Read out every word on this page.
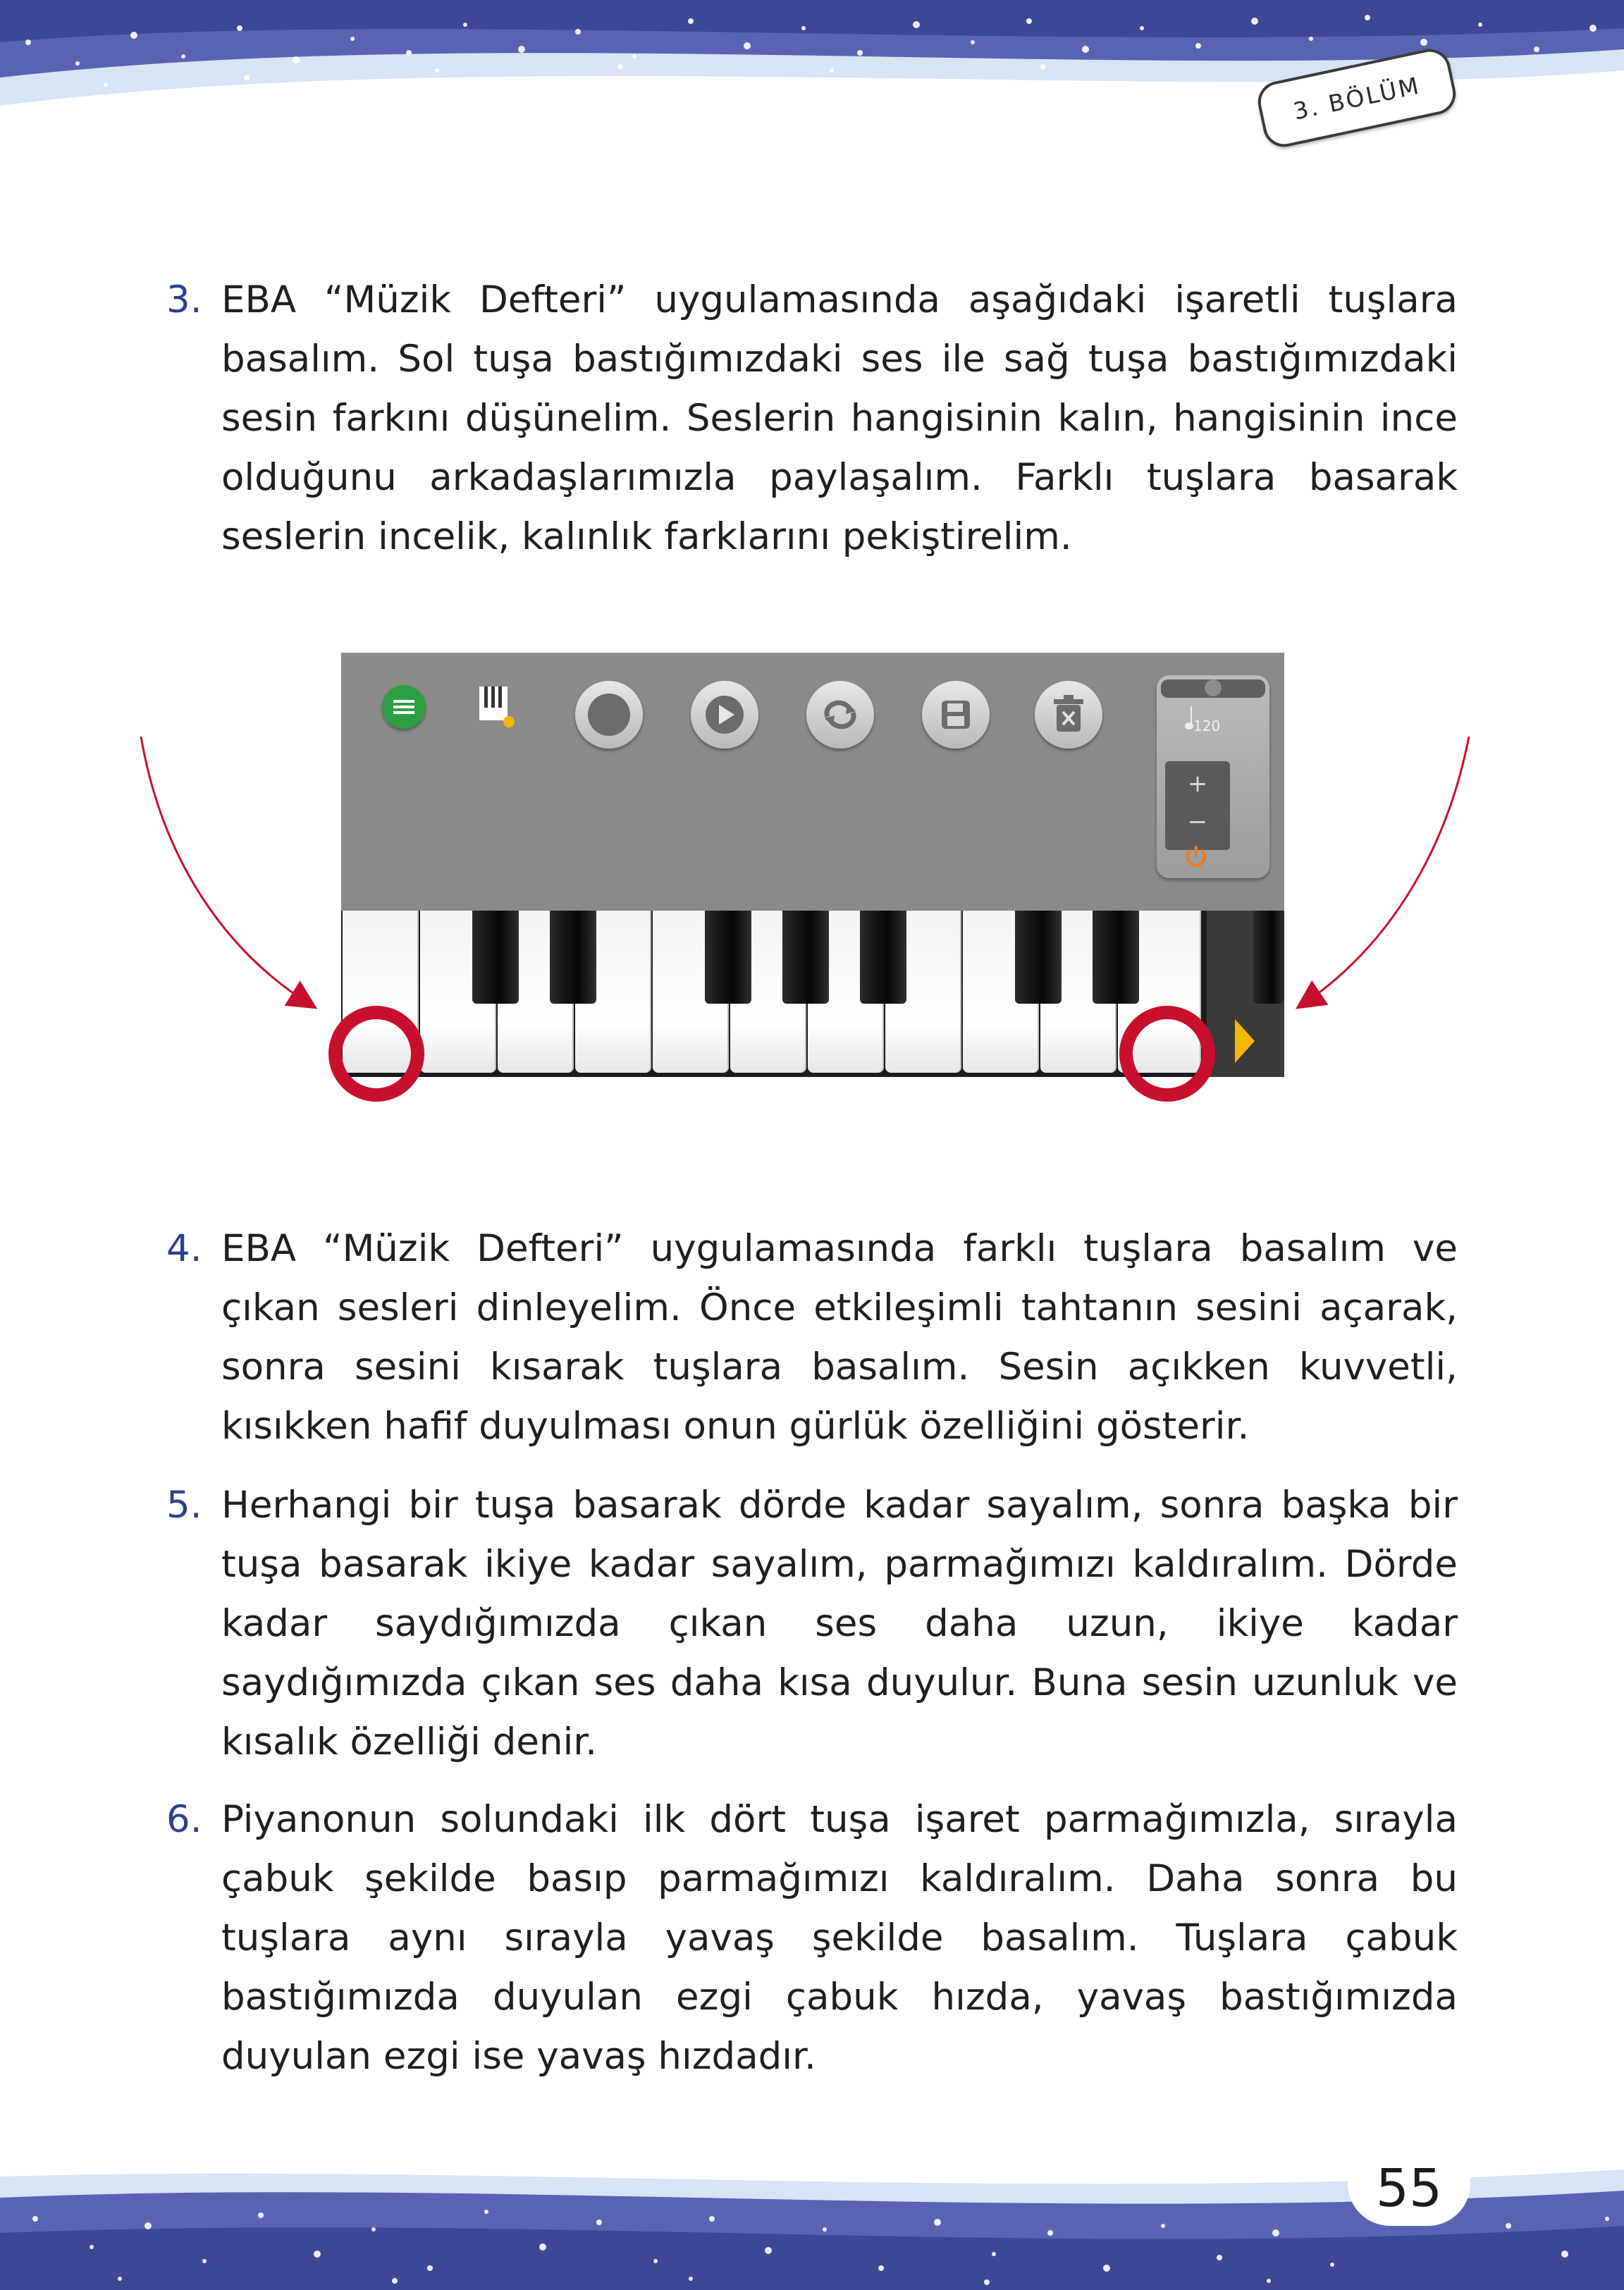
3. BÖLÜM
3. EBA “Müzik Defteri” uygulamasında aşağıdaki işaretli tuşlara basalım. Sol tuşa bastığımızdaki ses ile sağ tuşa bastığımızdaki sesin farkını düşünelim. Seslerin hangisinin kalın, hangisinin ince olduğunu arkadaşlarımızla paylaşalım. Farklı tuşlara basarak seslerin incelik, kalınlık farklarını pekiştirelim.
120
+
−
4. EBA “Müzik Defteri” uygulamasında farklı tuşlara basalım ve çıkan sesleri dinleyelim. Önce etkileşimli tahtanın sesini açarak, sonra sesini kısarak tuşlara basalım. Sesin açıkken kuvvetli, kısıkken hafif duyulması onun gürlük özelliğini gösterir.
5. Herhangi bir tuşa basarak dörde kadar sayalım, sonra başka bir tuşa basarak ikiye kadar sayalım, parmağımızı kaldıralım. Dörde kadar saydığımızda çıkan ses daha uzun, ikiye kadar saydığımızda çıkan ses daha kısa duyulur. Buna sesin uzunluk ve kısalık özelliği denir.
6. Piyanonun solundaki ilk dört tuşa işaret parmağımızla, sırayla çabuk şekilde basıp parmağımızı kaldıralım. Daha sonra bu tuşlara aynı sırayla yavaş şekilde basalım. Tuşlara çabuk bastığımızda duyulan ezgi çabuk hızda, yavaş bastığımızda duyulan ezgi ise yavaş hızdadır.
55
